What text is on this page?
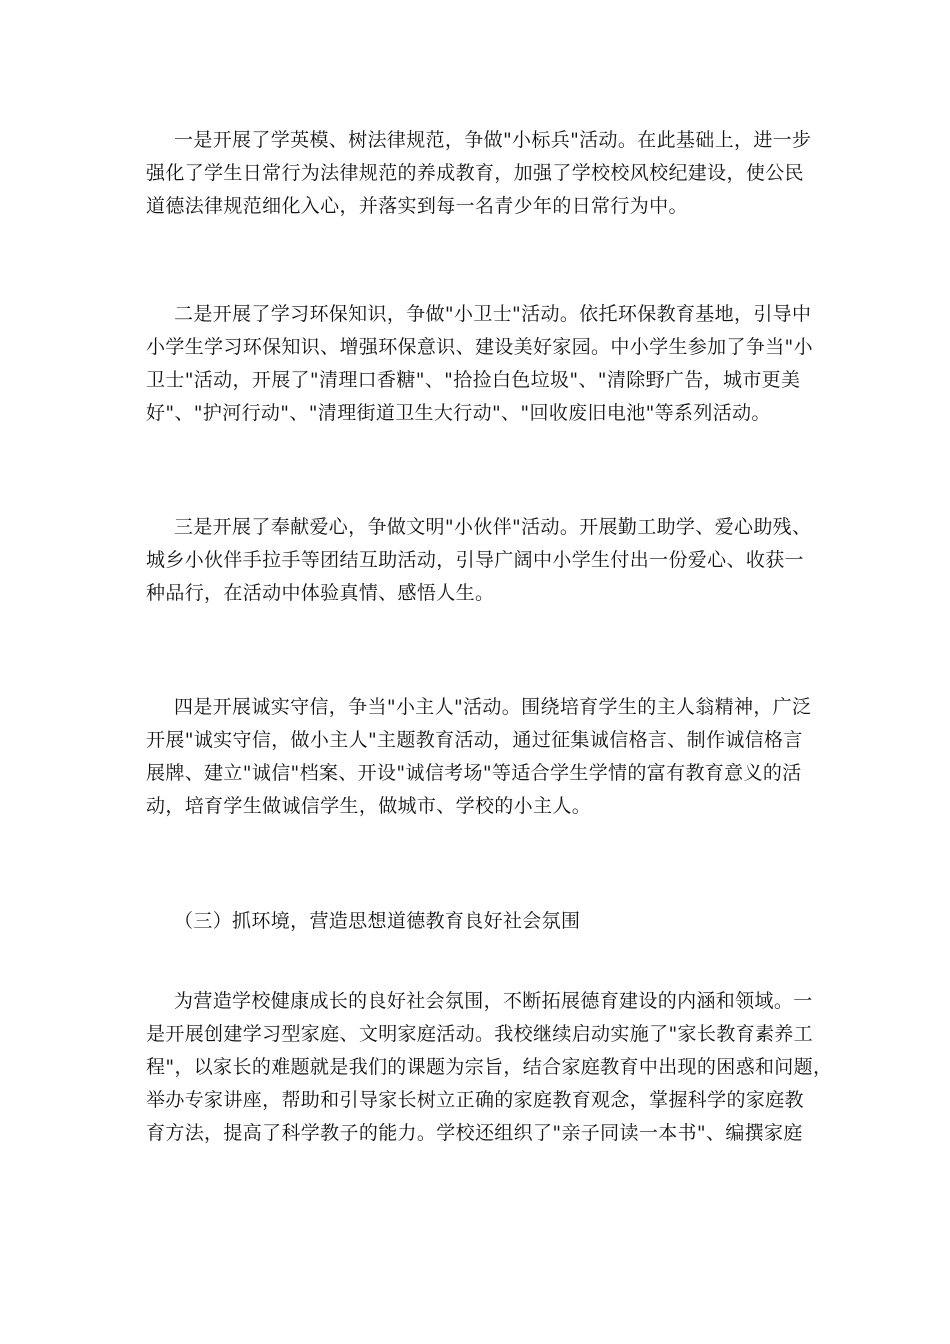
一是开展了学英模、树法律规范，争做"小标兵"活动。在此基础上，进一步
强化了学生日常行为法律规范的养成教育，加强了学校校风校纪建设，使公民
道德法律规范细化入心，并落实到每一名青少年的日常行为中。
二是开展了学习环保知识，争做"小卫士"活动。依托环保教育基地，引导中
小学生学习环保知识、增强环保意识、建设美好家园。中小学生参加了争当"小
卫士"活动，开展了"清理口香糖"、"拾捡白色垃圾"、"清除野广告，城市更美
好"、"护河行动"、"清理街道卫生大行动"、"回收废旧电池"等系列活动。
三是开展了奉献爱心，争做文明"小伙伴"活动。开展勤工助学、爱心助残、
城乡小伙伴手拉手等团结互助活动，引导广阔中小学生付出一份爱心、收获一
种品行，在活动中体验真情、感悟人生。
四是开展诚实守信，争当"小主人"活动。围绕培育学生的主人翁精神，广泛
开展"诚实守信，做小主人"主题教育活动，通过征集诚信格言、制作诚信格言
展牌、建立"诚信"档案、开设"诚信考场"等适合学生学情的富有教育意义的活
动，培育学生做诚信学生，做城市、学校的小主人。
（三）抓环境，营造思想道德教育良好社会氛围
为营造学校健康成长的良好社会氛围，不断拓展德育建设的内涵和领域。一
是开展创建学习型家庭、文明家庭活动。我校继续启动实施了"家长教育素养工
程"，以家长的难题就是我们的课题为宗旨，结合家庭教育中出现的困惑和问题，
举办专家讲座，帮助和引导家长树立正确的家庭教育观念，掌握科学的家庭教
育方法，提高了科学教子的能力。学校还组织了"亲子同读一本书"、编撰家庭
